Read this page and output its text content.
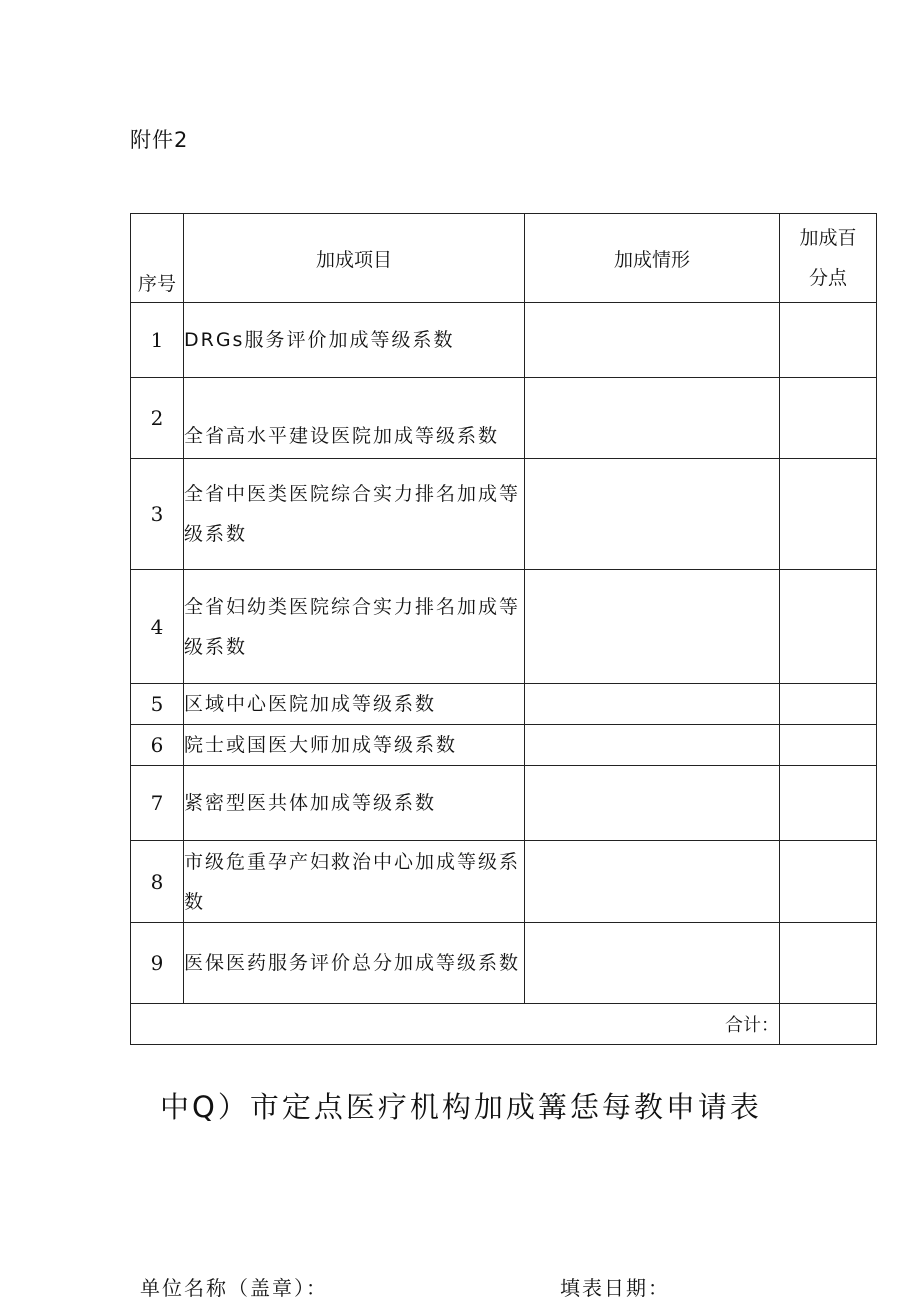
附件2
序号	加成项目	加成情形	加成百
分点

1	DRGs服务评价加成等级系数		
2	全省高水平建设医院加成等级系数		
3	全省中医类医院综合实力排名加成等级系数		
4	全省妇幼类医院综合实力排名加成等级系数		
5	区域中心医院加成等级系数		
6	院士或国医大师加成等级系数		
7	紧密型医共体加成等级系数		
8	市级危重孕产妇救治中心加成等级系数		
9	医保医药服务评价总分加成等级系数		
合计：			
中Q）市定点医疗机构加成篝恁每教申请表
单位名称（盖章）：	填表日期：
